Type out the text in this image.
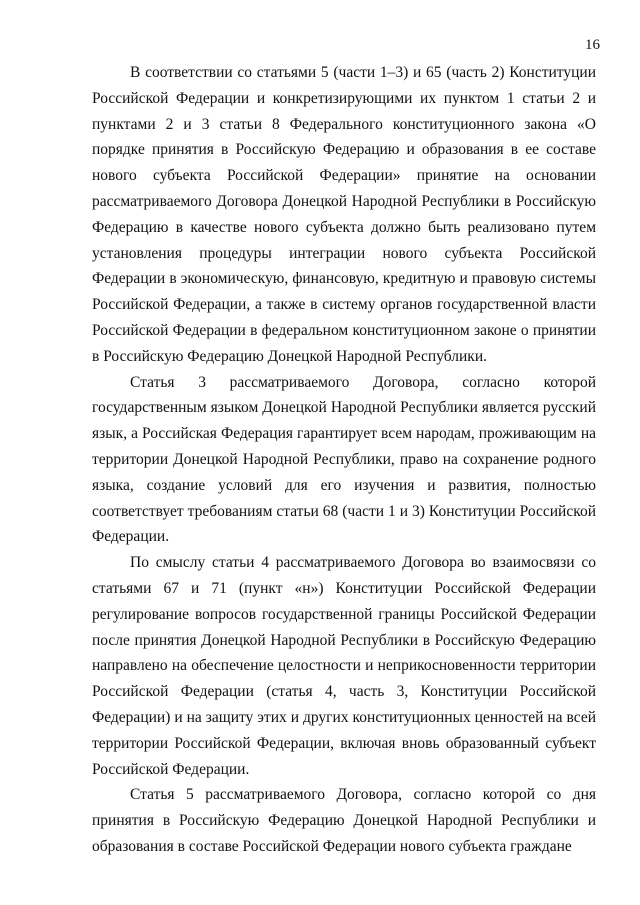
16

В соответствии со статьями 5 (части 1–3) и 65 (часть 2) Конституции Российской Федерации и конкретизирующими их пунктом 1 статьи 2 и пунктами 2 и 3 статьи 8 Федерального конституционного закона «О порядке принятия в Российскую Федерацию и образования в ее составе нового субъекта Российской Федерации» принятие на основании рассматриваемого Договора Донецкой Народной Республики в Российскую Федерацию в качестве нового субъекта должно быть реализовано путем установления процедуры интеграции нового субъекта Российской Федерации в экономическую, финансовую, кредитную и правовую системы Российской Федерации, а также в систему органов государственной власти Российской Федерации в федеральном конституционном законе о принятии в Российскую Федерацию Донецкой Народной Республики.

Статья 3 рассматриваемого Договора, согласно которой государственным языком Донецкой Народной Республики является русский язык, а Российская Федерация гарантирует всем народам, проживающим на территории Донецкой Народной Республики, право на сохранение родного языка, создание условий для его изучения и развития, полностью соответствует требованиям статьи 68 (части 1 и 3) Конституции Российской Федерации.

По смыслу статьи 4 рассматриваемого Договора во взаимосвязи со статьями 67 и 71 (пункт «н») Конституции Российской Федерации регулирование вопросов государственной границы Российской Федерации после принятия Донецкой Народной Республики в Российскую Федерацию направлено на обеспечение целостности и неприкосновенности территории Российской Федерации (статья 4, часть 3, Конституции Российской Федерации) и на защиту этих и других конституционных ценностей на всей территории Российской Федерации, включая вновь образованный субъект Российской Федерации.

Статья 5 рассматриваемого Договора, согласно которой со дня принятия в Российскую Федерацию Донецкой Народной Республики и образования в составе Российской Федерации нового субъекта граждане
